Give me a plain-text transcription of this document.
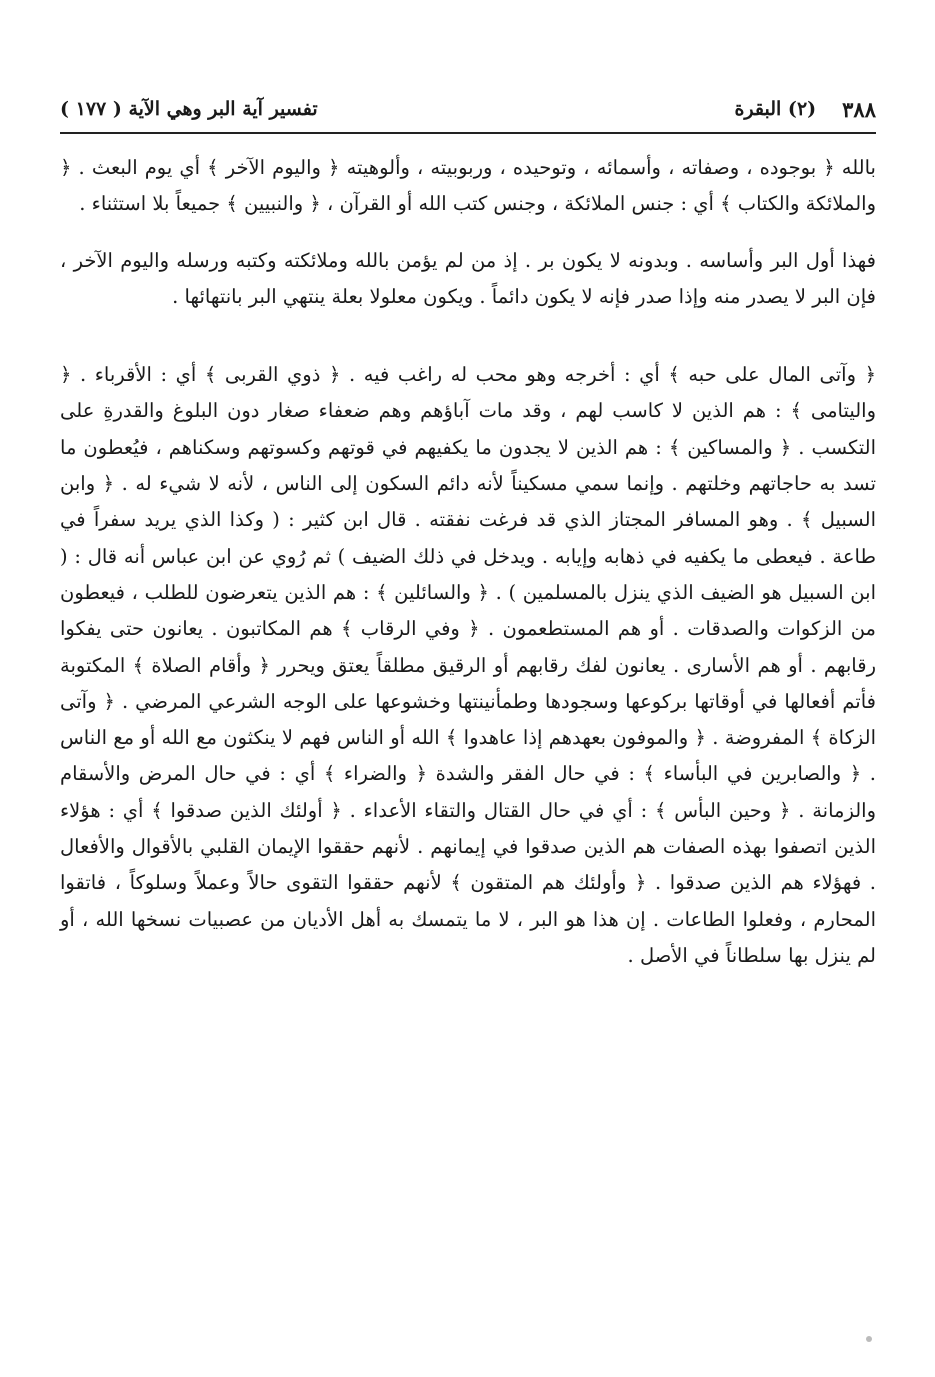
٣٨٨
(٢) البقرة
تفسير آية البر وهي الآية ( ١٧٧ )

بالله ﴿ بوجوده ، وصفاته ، وأسمائه ، وتوحيده ، وربوبيته ، وألوهيته ﴿ واليوم الآخر ﴾ أي يوم البعث . ﴿ والملائكة والكتاب ﴾ أي : جنس الملائكة ، وجنس كتب الله أو القرآن ، ﴿ والنبيين ﴾ جميعاً بلا استثناء .

فهذا أول البر وأساسه . وبدونه لا يكون بر . إذ من لم يؤمن بالله وملائكته وكتبه ورسله واليوم الآخر ، فإن البر لا يصدر منه وإذا صدر فإنه لا يكون دائماً . ويكون معلولا بعلة ينتهي البر بانتهائها .

﴿ وآتى المال على حبه ﴾ أي : أخرجه وهو محب له راغب فيه . ﴿ ذوي القربى ﴾ أي : الأقرباء . ﴿ واليتامى ﴾ : هم الذين لا كاسب لهم ، وقد مات آباؤهم وهم ضعفاء صغار دون البلوغ والقدرةِ على التكسب . ﴿ والمساكين ﴾ : هم الذين لا يجدون ما يكفيهم في قوتهم وكسوتهم وسكناهم ، فيُعطون ما تسد به حاجاتهم وخلتهم . وإنما سمي مسكيناً لأنه دائم السكون إلى الناس ، لأنه لا شيء له . ﴿ وابن السبيل ﴾ . وهو المسافر المجتاز الذي قد فرغت نفقته . قال ابن كثير : ( وكذا الذي يريد سفراً في طاعة . فيعطى ما يكفيه في ذهابه وإيابه . ويدخل في ذلك الضيف ) ثم رُوي عن ابن عباس أنه قال : ( ابن السبيل هو الضيف الذي ينزل بالمسلمين ) . ﴿ والسائلين ﴾ : هم الذين يتعرضون للطلب ، فيعطون من الزكوات والصدقات . أو هم المستطعمون . ﴿ وفي الرقاب ﴾ هم المكاتبون . يعانون حتى يفكوا رقابهم . أو هم الأسارى . يعانون لفك رقابهم أو الرقيق مطلقاً يعتق ويحرر ﴿ وأقام الصلاة ﴾ المكتوبة فأتم أفعالها في أوقاتها بركوعها وسجودها وطمأنينتها وخشوعها على الوجه الشرعي المرضي . ﴿ وآتى الزكاة ﴾ المفروضة . ﴿ والموفون بعهدهم إذا عاهدوا ﴾ الله أو الناس فهم لا ينكثون مع الله أو مع الناس . ﴿ والصابرين في البأساء ﴾ : في حال الفقر والشدة ﴿ والضراء ﴾ أي : في حال المرض والأسقام والزمانة . ﴿ وحين البأس ﴾ : أي في حال القتال والتقاء الأعداء . ﴿ أولئك الذين صدقوا ﴾ أي : هؤلاء الذين اتصفوا بهذه الصفات هم الذين صدقوا في إيمانهم . لأنهم حققوا الإيمان القلبي بالأقوال والأفعال . فهؤلاء هم الذين صدقوا . ﴿ وأولئك هم المتقون ﴾ لأنهم حققوا التقوى حالاً وعملاً وسلوكاً ، فاتقوا المحارم ، وفعلوا الطاعات . إن هذا هو البر ، لا ما يتمسك به أهل الأديان من عصبيات نسخها الله ، أو لم ينزل بها سلطاناً في الأصل .
